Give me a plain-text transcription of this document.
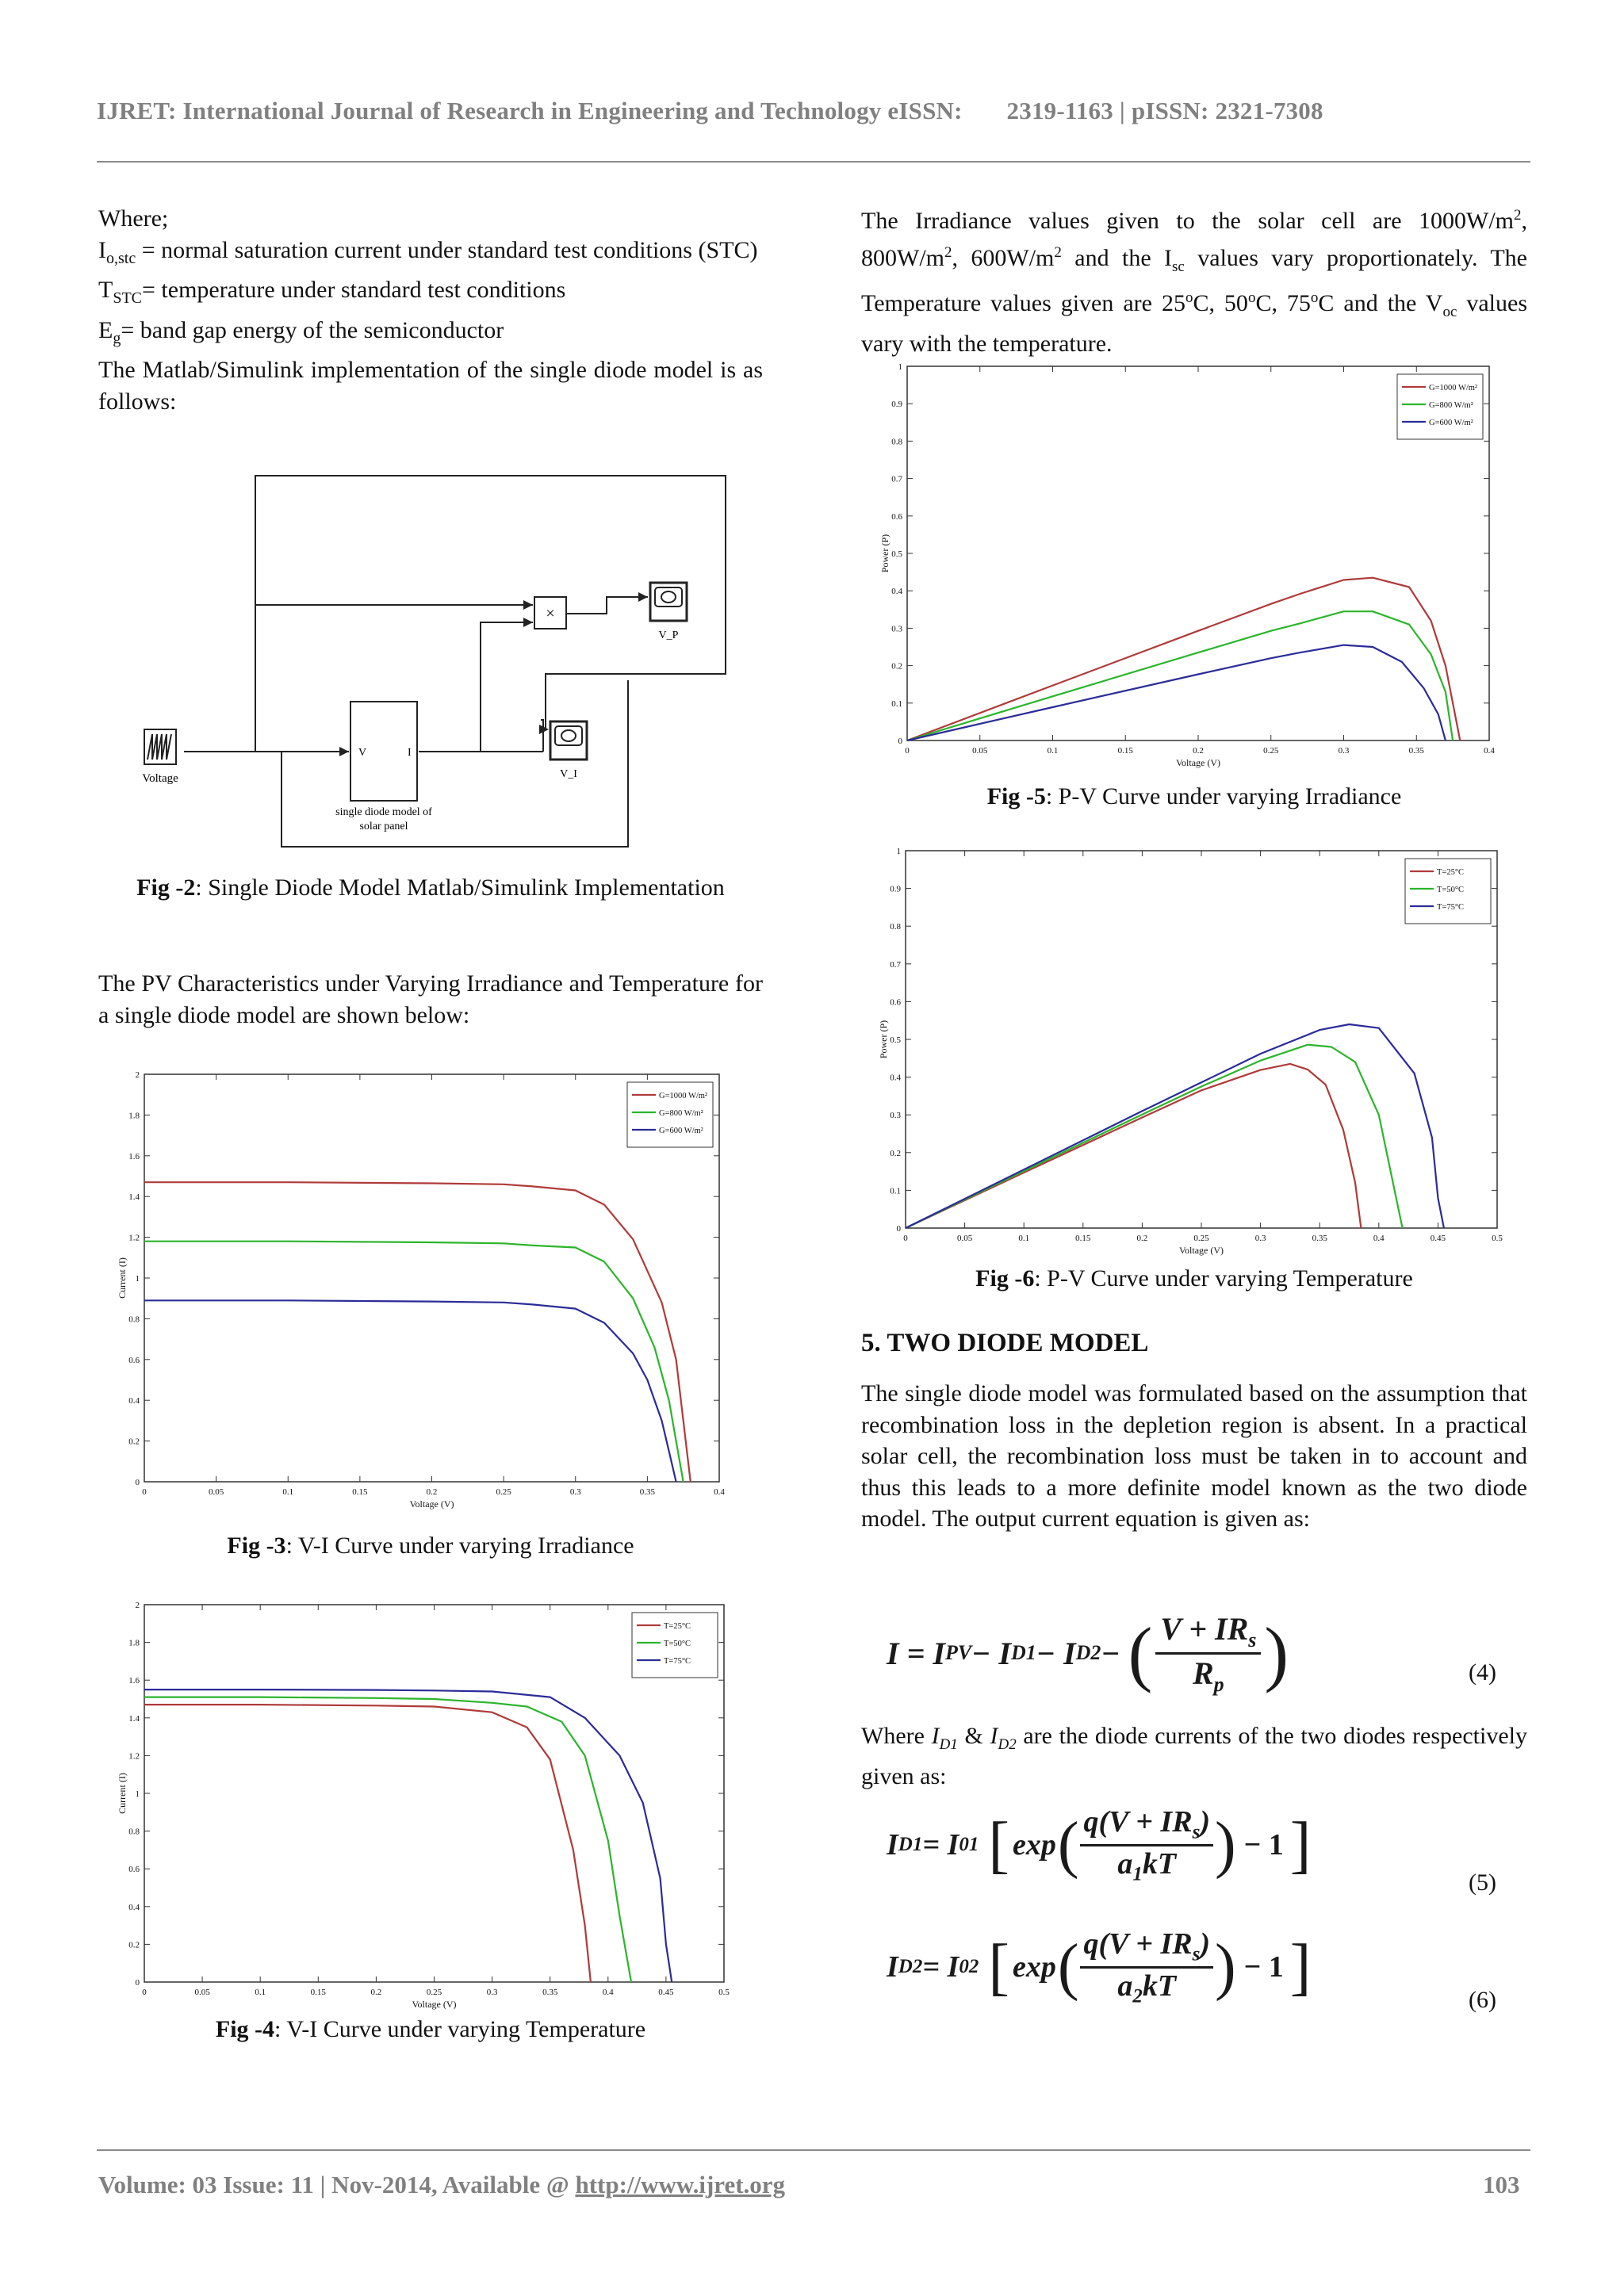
IJRET: International Journal of Research in Engineering and Technology eISSN: 2319-1163 | pISSN: 2321-7308

Where;

$I_{o,stc}$ = normal saturation current under standard test conditions (STC)

$T_{STC}=$ temperature under standard test conditions

$E_g=$ band gap energy of the semiconductor

The Matlab/Simulink implementation of the single diode model is as follows:

Voltage
V	I
single diode model of
solar panel
×
V_P
V_I
Fig -2: Single Diode Model Matlab/Simulink Implementation

The PV Characteristics under Varying Irradiance and Temperature for a single diode model are shown below:

0	0.05	0.1	0.15	0.2	0.25	0.3	0.35	0.4
0
0.2
0.4
0.6
0.8
1
1.2
1.4
1.6
1.8
2
Voltage (V)
Current (I)
G=1000 W/m²
G=800 W/m²
G=600 W/m²
Fig -3: V-I Curve under varying Irradiance
0	0.05	0.1	0.15	0.2	0.25	0.3	0.35	0.4	0.45	0.5
0
0.2
0.4
0.6
0.8
1
1.2
1.4
1.6
1.8
2
Voltage (V)
Current (I)
T=25°C
T=50°C
T=75°C
Fig -4: V-I Curve under varying Temperature

The Irradiance values given to the solar cell are $1000W/m^2$, $800W/m^2$, $600W/m^2$ and the $I_{sc}$ values vary proportionately. The Temperature values given are 25$^o$C, 50$^o$C, 75$^o$C and the $V_{oc}$ values vary with the temperature.

0	0.05	0.1	0.15	0.2	0.25	0.3	0.35	0.4
0
0.1
0.2
0.3
0.4
0.5
0.6
0.7
0.8
0.9
1
Voltage (V)
Power (P)
G=1000 W/m²
G=800 W/m²
G=600 W/m²
Fig -5: P-V Curve under varying Irradiance
0	0.05	0.1	0.15	0.2	0.25	0.3	0.35	0.4	0.45	0.5
0
0.1
0.2
0.3
0.4
0.5
0.6
0.7
0.8
0.9
1
Voltage (V)
Power (P)
T=25°C
T=50°C
T=75°C
Fig -6: P-V Curve under varying Temperature
5. TWO DIODE MODEL

The single diode model was formulated based on the assumption that recombination loss in the depletion region is absent. In a practical solar cell, the recombination loss must be taken in to account and thus this leads to a more definite model known as the two diode model. The output current equation is given as:

I = I PV − I D1 − I D2 − ( $V + IR_s$
$R_p$ )	(4)

Where $I_{D1}$ & $I_{D2}$ are the diode currents of the two diodes respectively given as:

I D1 = I 01 [ exp ( $q(V + IR_s)$
$a_1kT$ ) − 1 ]
(5)
I D2 = I 02 [ exp ( $q(V + IR_s)$
$a_2kT$ ) − 1 ]	(6)
Volume: 03 Issue: 11 | Nov-2014, Available @ http://www.ijret.org	103
